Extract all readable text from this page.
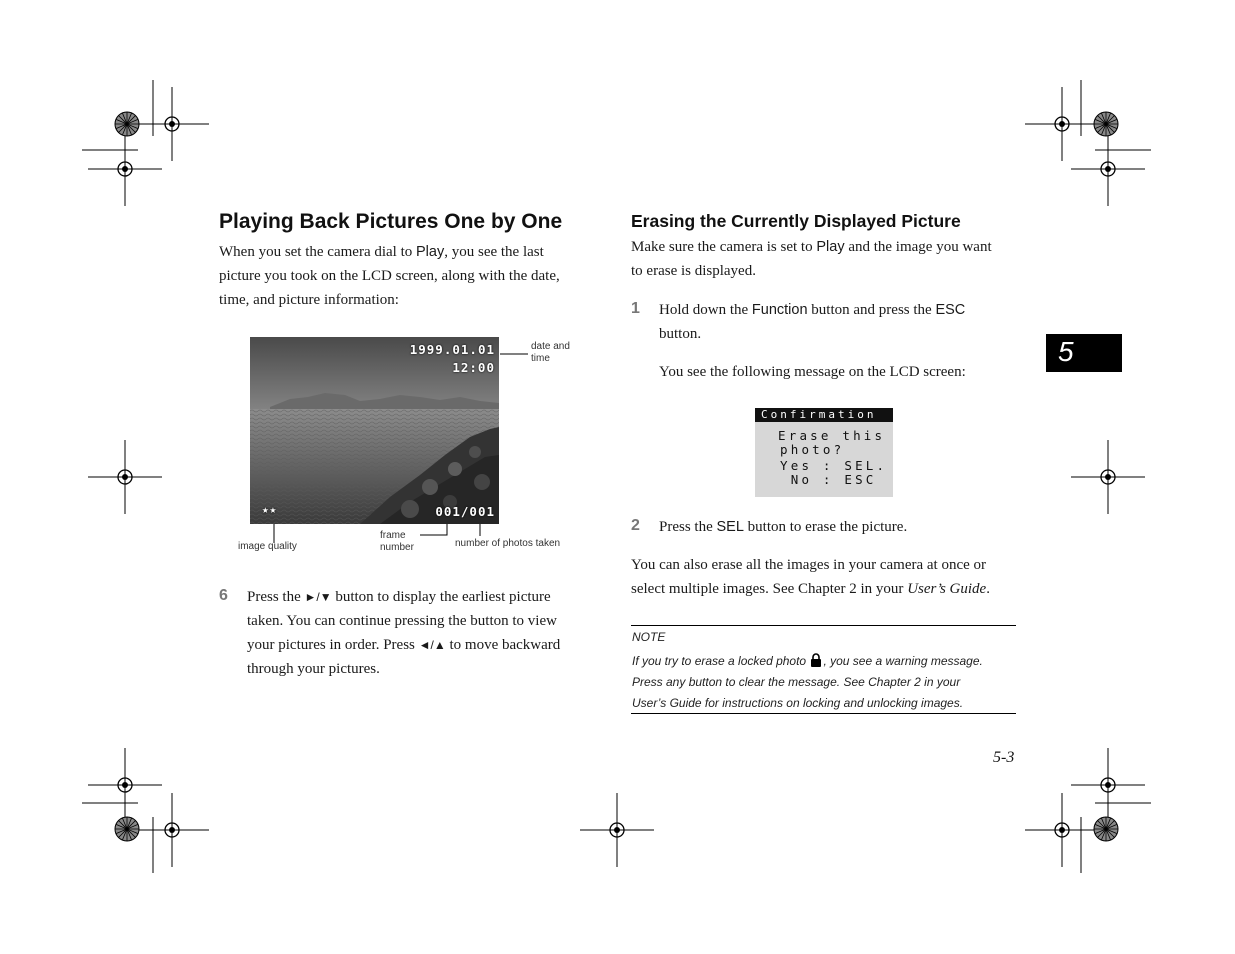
5
Playing Back Pictures One by One
When you set the camera dial to Play, you see the last
picture you took on the LCD screen, along with the date,
time, and picture information:
1999.01.01
12:00
★★	001/001
date and
time
image quality
frame
number	number of photos taken
6 Press the ►/▼ button to display the earliest picture
taken. You can continue pressing the button to view
your pictures in order. Press ◄/▲ to move backward
through your pictures.
Erasing the Currently Displayed Picture
Make sure the camera is set to Play and the image you want
to erase is displayed.
1 Hold down the Function button and press the ESC
button.
You see the following message on the LCD screen:
Confirmation
Erase this
photo?
Yes : SEL.
No : ESC
2 Press the SEL button to erase the picture.
You can also erase all the images in your camera at once or
select multiple images. See Chapter 2 in your User’s Guide.
NOTE
If you try to erase a locked photo , you see a warning message.
Press any button to clear the message. See Chapter 2 in your
User’s Guide for instructions on locking and unlocking images.
5-3
